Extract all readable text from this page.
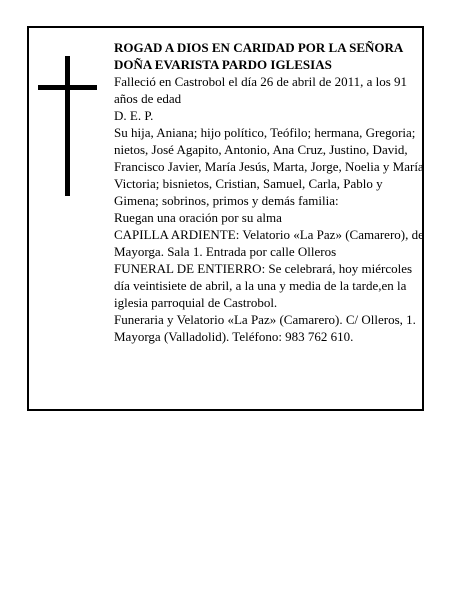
ROGAD A DIOS EN CARIDAD POR LA SEÑORA
DOÑA EVARISTA PARDO IGLESIAS
Falleció en Castrobol el día 26 de abril de 2011, a los 91 años de edad
D. E. P.
Su hija, Aniana; hijo político, Teófilo; hermana, Gregoria; nietos, José Agapito, Antonio, Ana Cruz, Justino, David, Francisco Javier, María Jesús, Marta, Jorge, Noelia y María Victoria; bisnietos, Cristian, Samuel, Carla, Pablo y Gimena; sobrinos, primos y demás familia:
Ruegan una oración por su alma
CAPILLA ARDIENTE: Velatorio «La Paz» (Camarero), de Mayorga. Sala 1. Entrada por calle Olleros
FUNERAL DE ENTIERRO: Se celebrará, hoy miércoles día veintisiete de abril, a la una y media de la tarde,en la iglesia parroquial de Castrobol.
Funeraria y Velatorio «La Paz» (Camarero). C/ Olleros, 1. Mayorga (Valladolid). Teléfono: 983 762 610.
